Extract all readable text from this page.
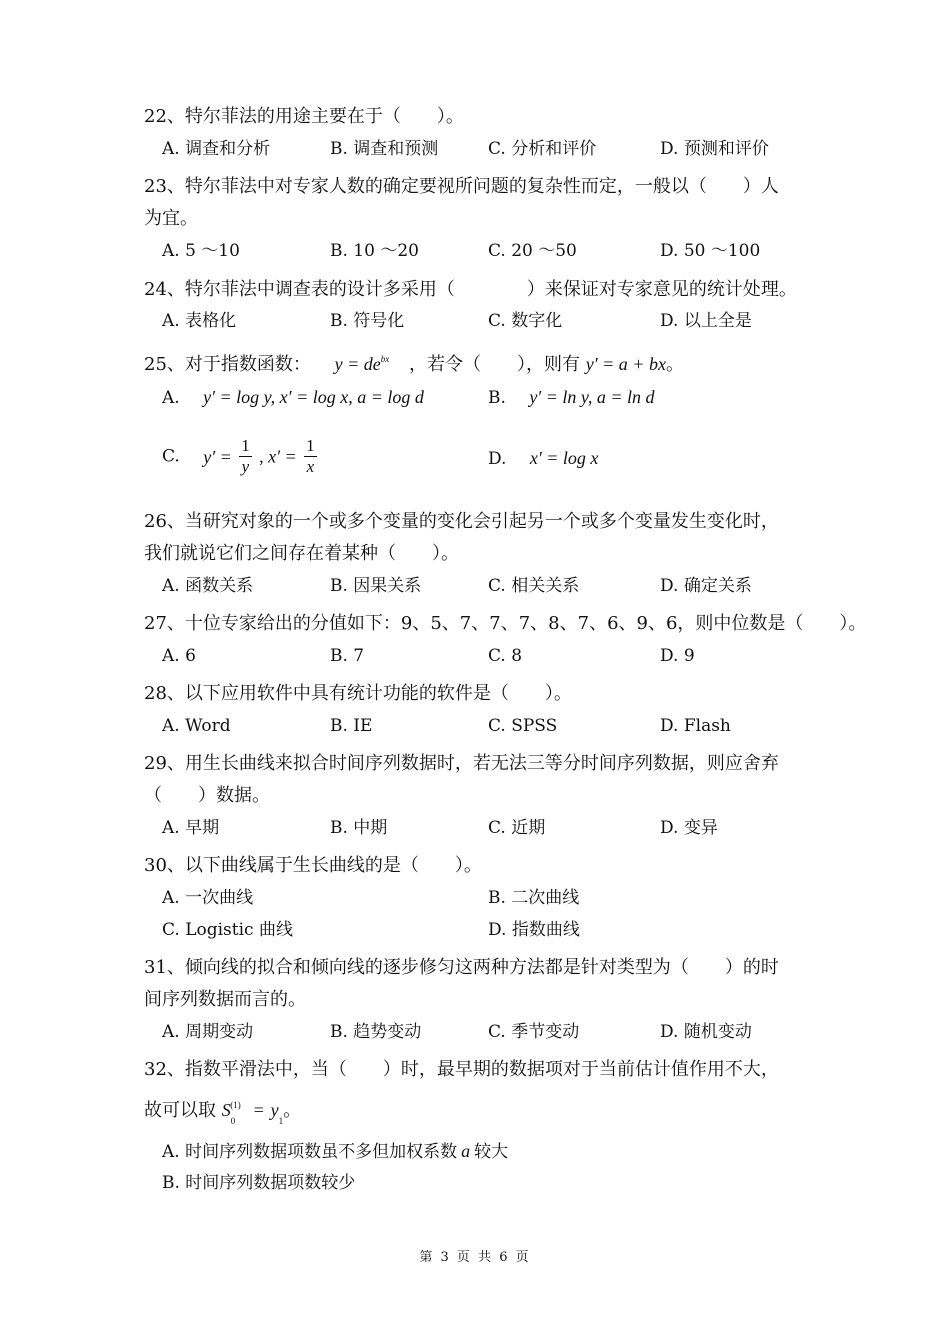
22、特尔菲法的用途主要在于（　　）。
A. 调查和分析	B. 调查和预测	C. 分析和评价	D. 预测和评价
23、特尔菲法中对专家人数的确定要视所问题的复杂性而定，一般以（　　）人
为宜。
A. 5 ～10	B. 10 ～20	C. 20 ～50	D. 50 ～100
24、特尔菲法中调查表的设计多采用（　　　　）来保证对专家意见的统计处理。
A. 表格化	B. 符号化	C. 数字化	D. 以上全是
25、对于指数函数： $y = de^{bx}$ ，若令（　　），则有 y′ = a + bx。
A. y′ = log y, x′ = log x, a = log d	B. y′ = ln y, a = ln d
C. $y' = \frac{1}{y}$ , $x' = \frac{1}{x}$	D. x′ = log x
26、当研究对象的一个或多个变量的变化会引起另一个或多个变量发生变化时，
我们就说它们之间存在着某种（　　）。
A. 函数关系	B. 因果关系	C. 相关关系	D. 确定关系
27、十位专家给出的分值如下：9、5、7、7、7、8、7、6、9、6，则中位数是（　　）。
A. 6	B. 7	C. 8	D. 9
28、以下应用软件中具有统计功能的软件是（　　）。
A. Word	B. IE	C. SPSS	D. Flash
29、用生长曲线来拟合时间序列数据时，若无法三等分时间序列数据，则应舍弃
（　　）数据。
A. 早期	B. 中期	C. 近期	D. 变异
30、以下曲线属于生长曲线的是（　　）。
A. 一次曲线	B. 二次曲线
C. Logistic 曲线	D. 指数曲线
31、倾向线的拟合和倾向线的逐步修匀这两种方法都是针对类型为（　　）的时
间序列数据而言的。
A. 周期变动	B. 趋势变动	C. 季节变动	D. 随机变动
32、指数平滑法中，当（　　）时，最早期的数据项对于当前估计值作用不大，
故可以取 $S_0^{(1)} = y_1$。
A. 时间序列数据项数虽不多但加权系数 a 较大
B. 时间序列数据项数较少
第 3 页 共 6 页
